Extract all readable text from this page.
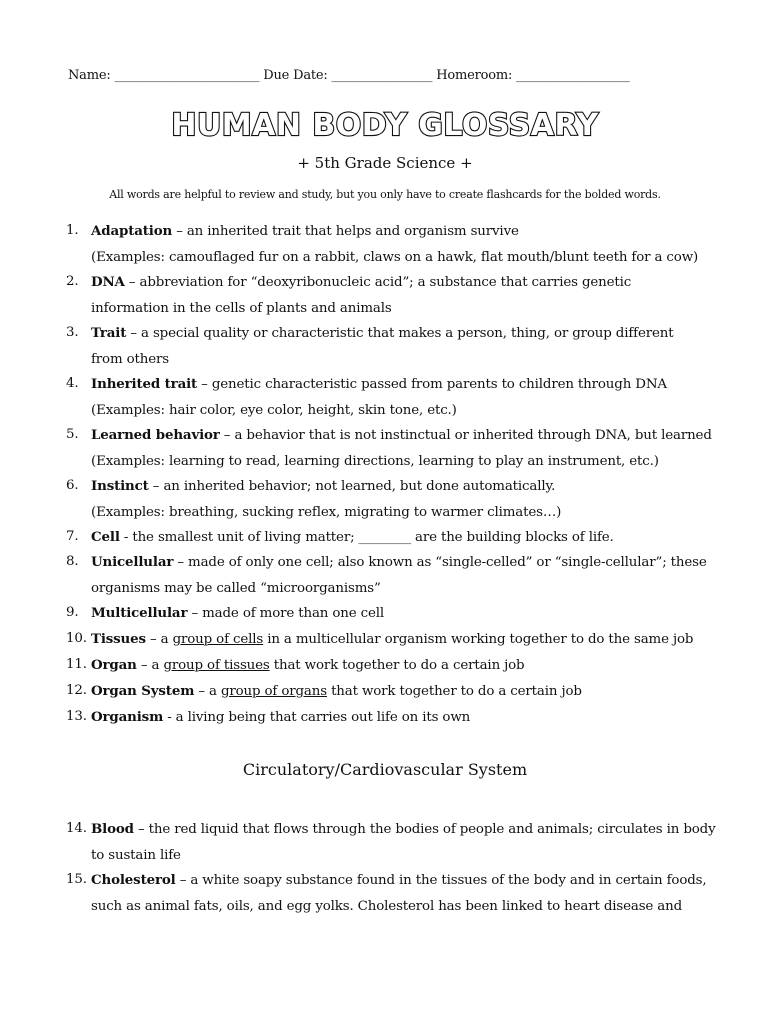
Name: _______________________ Due Date: ________________ Homeroom: __________________
HUMAN BODY GLOSSARY
+ 5th Grade Science +
All words are helpful to review and study, but you only have to create flashcards for the bolded words.
1. Adaptation – an inherited trait that helps and organism survive
(Examples: camouflaged fur on a rabbit, claws on a hawk, flat mouth/blunt teeth for a cow)
2. DNA – abbreviation for “deoxyribonucleic acid”; a substance that carries genetic
information in the cells of plants and animals
3. Trait – a special quality or characteristic that makes a person, thing, or group different
from others
4. Inherited trait – genetic characteristic passed from parents to children through DNA
(Examples: hair color, eye color, height, skin tone, etc.)
5. Learned behavior – a behavior that is not instinctual or inherited through DNA, but learned
(Examples: learning to read, learning directions, learning to play an instrument, etc.)
6. Instinct – an inherited behavior; not learned, but done automatically.
(Examples: breathing, sucking reflex, migrating to warmer climates…)
7. Cell - the smallest unit of living matter; ________ are the building blocks of life.
8. Unicellular – made of only one cell; also known as “single-celled” or “single-cellular”; these
organisms may be called “microorganisms”
9. Multicellular – made of more than one cell
10. Tissues – a group of cells in a multicellular organism working together to do the same job
11. Organ – a group of tissues that work together to do a certain job
12. Organ System – a group of organs that work together to do a certain job
13. Organism - a living being that carries out life on its own
Circulatory/Cardiovascular System
14. Blood – the red liquid that flows through the bodies of people and animals; circulates in body
to sustain life
15. Cholesterol – a white soapy substance found in the tissues of the body and in certain foods,
such as animal fats, oils, and egg yolks. Cholesterol has been linked to heart disease and
